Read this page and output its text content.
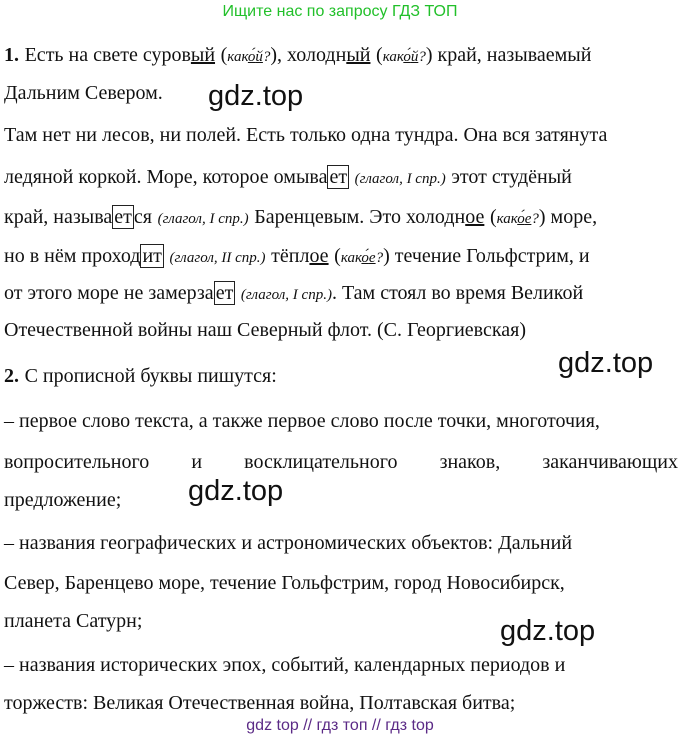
Ищите нас по запросу ГДЗ ТОП
1. Есть на свете суровый (како́й?), холодный (како́й?) край, называемый
Дальним Севером.
Там нет ни лесов, ни полей. Есть только одна тундра. Она вся затянута
ледяной коркой. Море, которое омыва ет (глагол, I спр.) этот студёный
край, называ ет ся (глагол, I спр.) Баренцевым. Это холодное (како́е?) море,
но в нём проход ит (глагол, II спр.) тёплое (како́е?) течение Гольфстрим, и
от этого море не замерза ет (глагол, I спр.). Там стоял во время Великой
Отечественной войны наш Северный флот. (С. Георгиевская)
2. С прописной буквы пишутся:
– первое слово текста, а также первое слово после точки, многоточия,
вопросительного и восклицательного знаков, заканчивающих
предложение;
– названия географических и астрономических объектов: Дальний
Север, Баренцево море, течение Гольфстрим, город Новосибирск,
планета Сатурн;
– названия исторических эпох, событий, календарных периодов и
торжеств: Великая Отечественная война, Полтавская битва;
gdz.top
gdz.top
gdz.top
gdz.top
gdz top // гдз топ // гдз top
